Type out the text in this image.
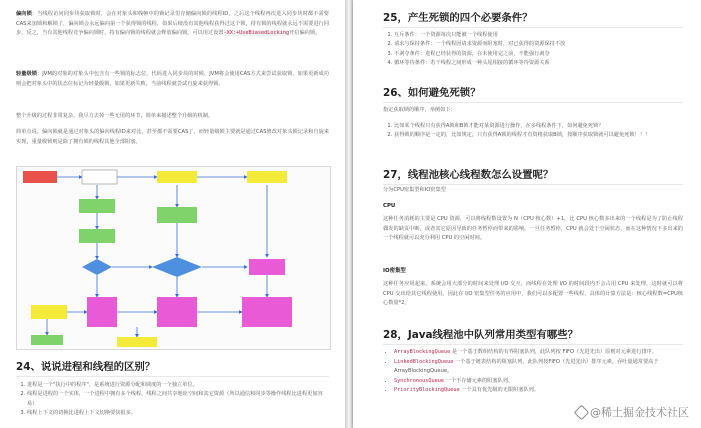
偏向锁：当线程访问同步块获取锁时，会在对象头和栈帧中的锁记录里存储偏向锁的线程ID，之后这个线程再次进入同步块时都不需要CAS来加锁和解锁了，偏向锁会永远偏向第一个获得锁的线程，如果后续没有其他线程获得过这个锁，持有锁的线程就永远不需要进行同步，反之，当有其他线程竞争偏向锁时，持有偏向锁的线程就会释放偏向锁。可以用过设置-XX:+UseBiasedLocking开启偏向锁。
轻量级锁：JVM的对象的对象头中包含有一些锁的标志位，代码进入同步块的时候，JVM将会使用CAS方式来尝试获取锁，如果更新成功则会把对象头中的状态位标记为轻量级锁，如果更新失败，当前线程就尝试自旋来获得锁。
整个升级的过程非常复杂，我尽力去掉一些无用的环节，简单来描述整个升级的机制。
简单点说，偏向锁就是通过对象头的偏向线程ID来对比，甚至都不需要CAS了，而轻量级锁主要就是通过CAS修改对象头锁记录和自旋来实现，重量级锁则是除了拥有锁的线程其他全部阻塞。
24、说说进程和线程的区别？
1. 进程是一个"执行中的程序"，是系统进行资源分配和调度的一个独立单位。
2. 线程是进程的一个实体，一个进程中拥有多个线程，线程之间共享地址空间和其它资源（所以通信和同步等操作线程比进程更加容易）
3. 线程上下文的切换比进程上下文切换要快很多。
25，产生死锁的四个必要条件？
1. 互斥条件：一个资源每次只能被一个线程使用
2. 请求与保持条件：一个线程因请求资源而阻塞时，对已获得的资源保持不放
3. 不剥夺条件：进程已经获得的资源，在未使用完之前，不能强行剥夺
4. 循环等待条件：若干线程之间形成一种头尾相接的循环等待资源关系
26、如何避免死锁？
指定获取锁的顺序，举例如下：
1. 比如某个线程只有获得A锁和B锁才能对某资源进行操作，在多线程条件下，如何避免死锁？
2. 获得锁的顺序是一定的，比如规定，只有获得A锁的线程才有资格获取B锁，按顺序获取锁就可以避免死锁！！！
27，线程池核心线程数怎么设置呢？
分为CPU密集型和IO密集型
CPU
这种任务消耗的主要是 CPU 资源，可以将线程数设置为 N（CPU 核心数）+1，比 CPU 核心数多出来的一个线程是为了防止线程偶发的缺页中断，或者其它原因导致的任务暂停而带来的影响。一旦任务暂停，CPU 就会处于空闲状态，而在这种情况下多出来的一个线程就可以充分利用 CPU 的空闲时间。
IO密集型
这种任务应用起来，系统会用大部分的时间来处理 I/O 交互，而线程在处理 I/O 的时间段内不会占用 CPU 来处理，这时就可以将 CPU 交出给其它线程使用。因此在 I/O 密集型任务的应用中，我们可以多配置一些线程，具体的计算方法是：核心线程数=CPU核心数量*2。
28，Java线程池中队列常用类型有哪些？
• ArrayBlockingQueue 是一个基于数组结构的有界阻塞队列，此队列按 FIFO（先进先出）原则对元素进行排序。
• LinkedBlockingQueue 一个基于链表结构的阻塞队列，此队列按FIFO（先进先出）排序元素，吞吐量通常要高于 ArrayBlockingQueue。
• SynchronousQueue 一个不存储元素的阻塞队列。
• PriorityBlockingQueue 一个具有优先级的无限阻塞队列。
@稀土掘金技术社区
